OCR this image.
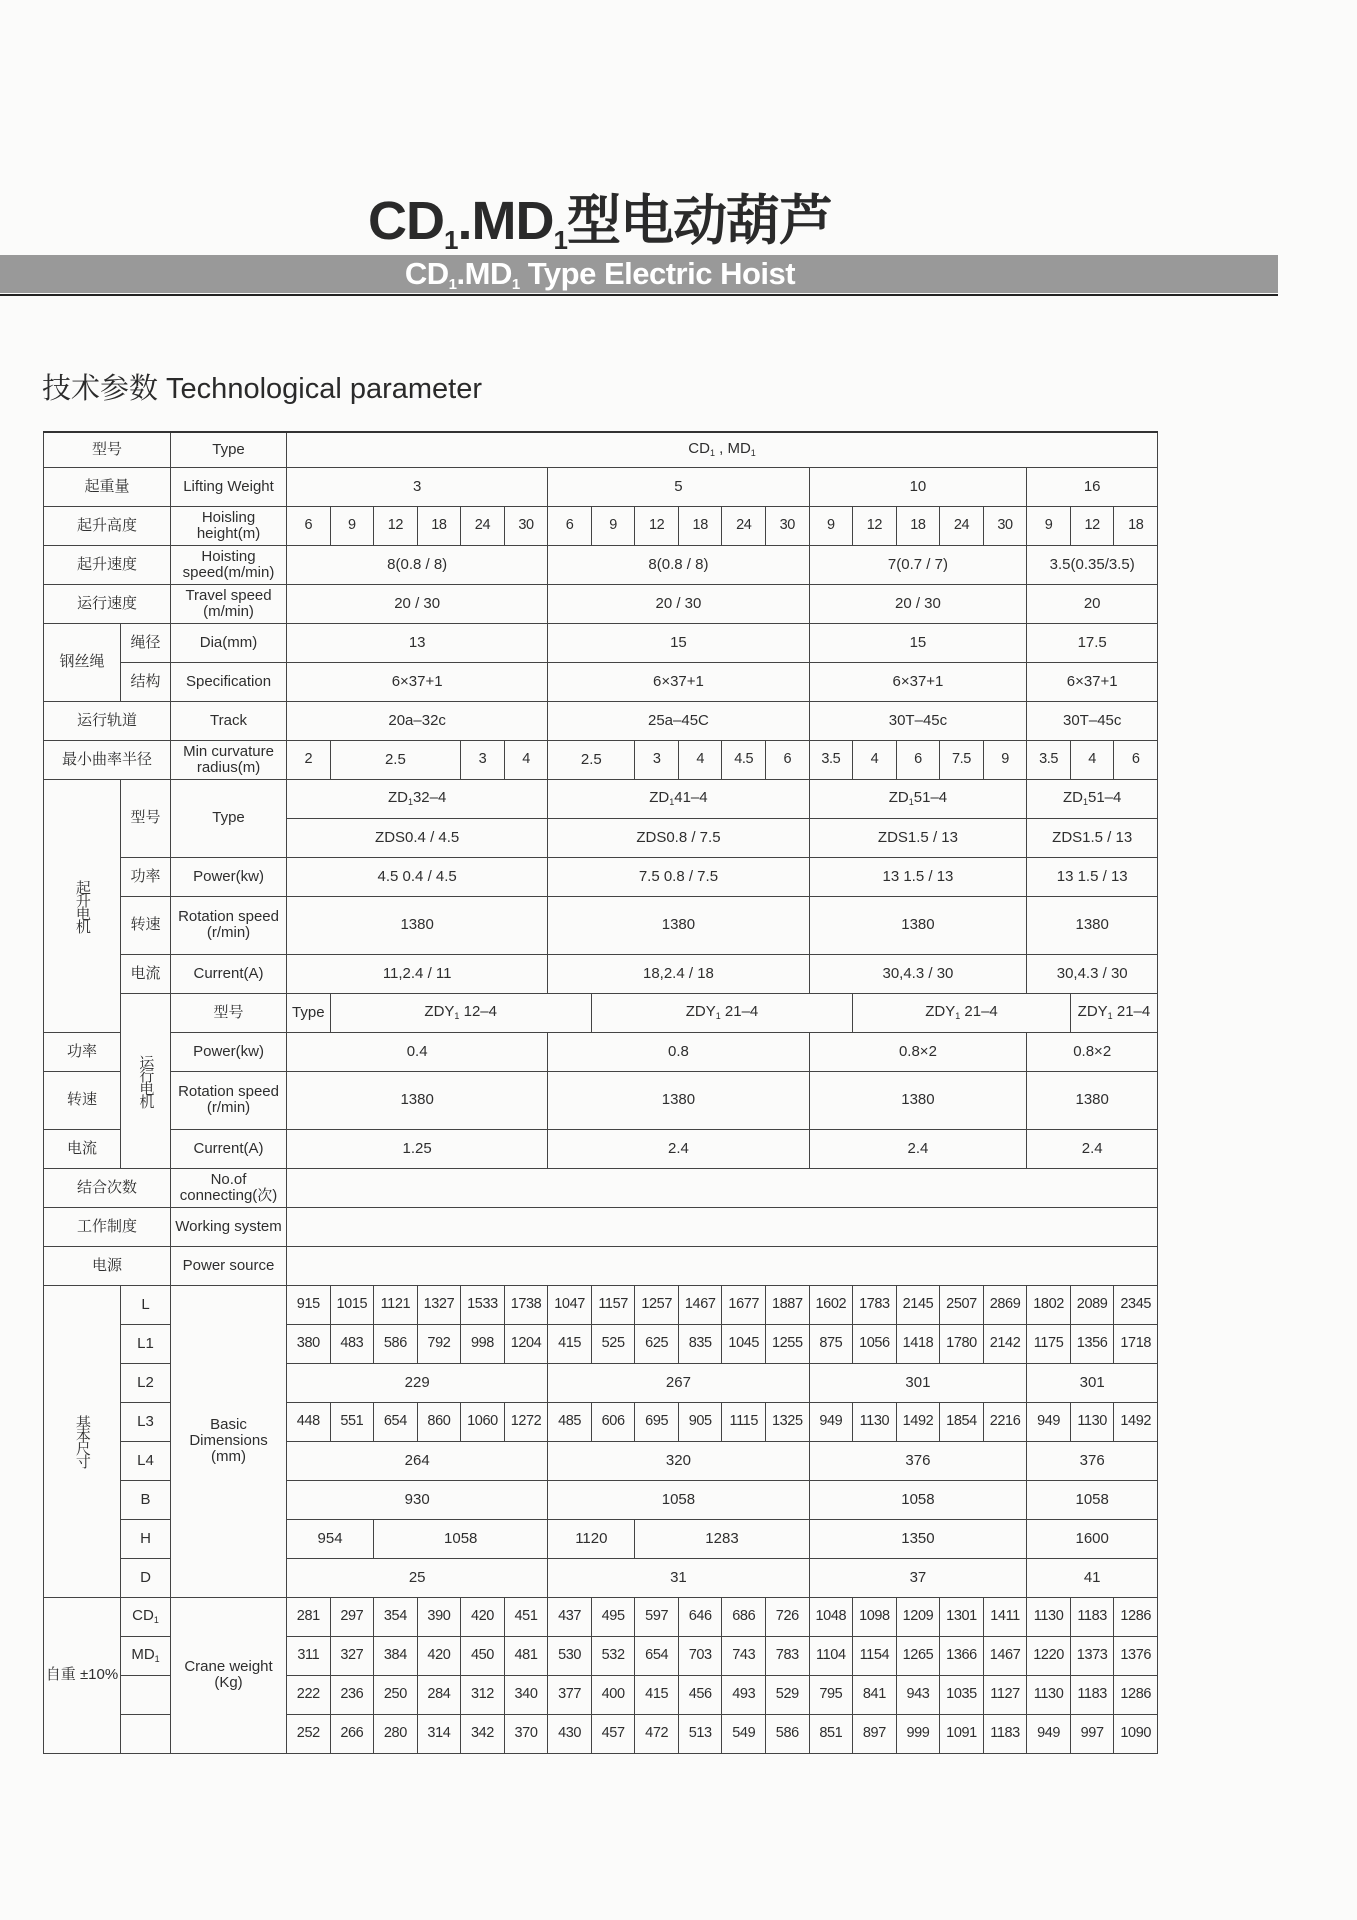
$CD_1.MD_1$型电动葫芦
$CD_1.MD_1$ Type Electric Hoist
技术参数 Technological parameter
型号		Type	$CD_1$ , $MD_1$
起重量		Lifting Weight	3						5						10					16		
起升高度		Hoisling height(m)	6	9	12	18	24	30	6	9	12	18	24	30	9	12	18	24	30	9	12	18
起升速度		Hoisting speed(m/min)	8(0.8 / 8)						8(0.8 / 8)						7(0.7 / 7)					3.5(0.35/3.5)		
运行速度		Travel speed (m/min)	20 / 30						20 / 30						20 / 30					20		
钢丝绳	绳径	Dia(mm)	13						15						15					17.5		
	结构	Specification	6×37+1						6×37+1						6×37+1					6×37+1		
运行轨道		Track	20a–32c						25a–45C						30T–45c					30T–45c		
最小曲率半径		Min curvature radius(m)	2	2.5			3	4	2.5		3	4	4.5	6	3.5	4	6	7.5	9	3.5	4	6
起升电机	型号	Type	$ZD_132-4$						$ZD_141-4$						$ZD_151-4$					$ZD_151-4$		
			ZDS0.4 / 4.5						ZDS0.8 / 7.5						ZDS1.5 / 13					ZDS1.5 / 13		
	功率	Power(kw)	4.5 0.4 / 4.5						7.5 0.8 / 7.5						13 1.5 / 13					13 1.5 / 13		
	转速	Rotation speed (r/min)	1380						1380						1380					1380		
	电流	Current(A)	11,2.4 / 11						18,2.4 / 18						30,4.3 / 30					30,4.3 / 30		
	运行电机	型号	Type	$ZDY_1$ 12–4						$ZDY_1$ 21–4						$ZDY_1$ 21–4					$ZDY_1$ 21–4	
功率		Power(kw)	0.4						0.8						0.8×2					0.8×2		
转速		Rotation speed (r/min)	1380						1380						1380					1380		
电流		Current(A)	1.25						2.4						2.4					2.4		
结合次数		No.of connecting(次)																				
工作制度		Working system																				
电源		Power source																				
基本尺寸	L	Basic Dimensions (mm)	915	1015	1121	1327	1533	1738	1047	1157	1257	1467	1677	1887	1602	1783	2145	2507	2869	1802	2089	2345
	L1		380	483	586	792	998	1204	415	525	625	835	1045	1255	875	1056	1418	1780	2142	1175	1356	1718
	L2		229						267						301					301		
	L3		448	551	654	860	1060	1272	485	606	695	905	1115	1325	949	1130	1492	1854	2216	949	1130	1492
	L4		264						320						376					376		
	B		930						1058						1058					1058		
	H		954		1058				1120		1283				1350					1600		
	D		25						31						37					41		
自重 ±10%	$CD_1$	Crane weight (Kg)	281	297	354	390	420	451	437	495	597	646	686	726	1048	1098	1209	1301	1411	1130	1183	1286
	$MD_1$		311	327	384	420	450	481	530	532	654	703	743	783	1104	1154	1265	1366	1467	1220	1373	1376
			222	236	250	284	312	340	377	400	415	456	493	529	795	841	943	1035	1127	1130	1183	1286
			252	266	280	314	342	370	430	457	472	513	549	586	851	897	999	1091	1183	949	997	1090
